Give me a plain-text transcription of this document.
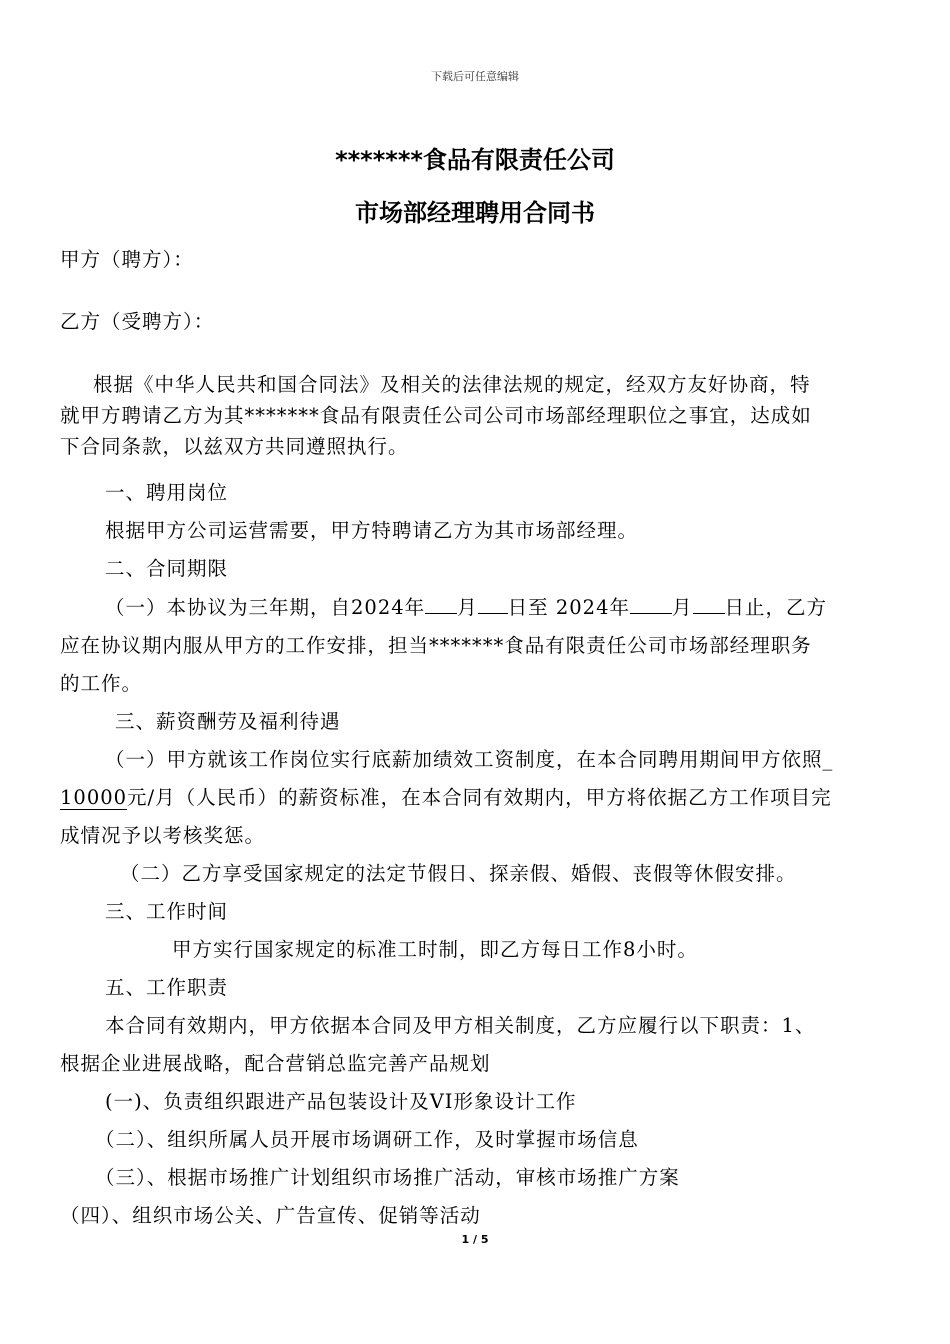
下载后可任意编辑
*******食品有限责任公司
市场部经理聘用合同书
甲方（聘方）：
乙方（受聘方）：
根据《中华人民共和国合同法》及相关的法律法规的规定，经双方友好协商，特
就甲方聘请乙方为其*******食品有限责任公司公司市场部经理职位之事宜，达成如
下合同条款，以兹双方共同遵照执行。
一、聘用岗位
根据甲方公司运营需要，甲方特聘请乙方为其市场部经理。
二、合同期限
（一）本协议为三年期，自2024年 月 日至 2024年 月 日止，乙方
应在协议期内服从甲方的工作安排，担当*******食品有限责任公司市场部经理职务
的工作。
三、薪资酬劳及福利待遇
（一）甲方就该工作岗位实行底薪加绩效工资制度，在本合同聘用期间甲方依照_
10000元/月（人民币）的薪资标准，在本合同有效期内，甲方将依据乙方工作项目完
成情况予以考核奖惩。
（二）乙方享受国家规定的法定节假日、探亲假、婚假、丧假等休假安排。
三、工作时间
甲方实行国家规定的标准工时制，即乙方每日工作8小时。
五、工作职责
本合同有效期内，甲方依据本合同及甲方相关制度，乙方应履行以下职责：1、
根据企业进展战略，配合营销总监完善产品规划
(一)、负责组织跟进产品包装设计及VI形象设计工作
（二）、组织所属人员开展市场调研工作，及时掌握市场信息
（三）、根据市场推广计划组织市场推广活动，审核市场推广方案
（四）、组织市场公关、广告宣传、促销等活动
1 / 5
